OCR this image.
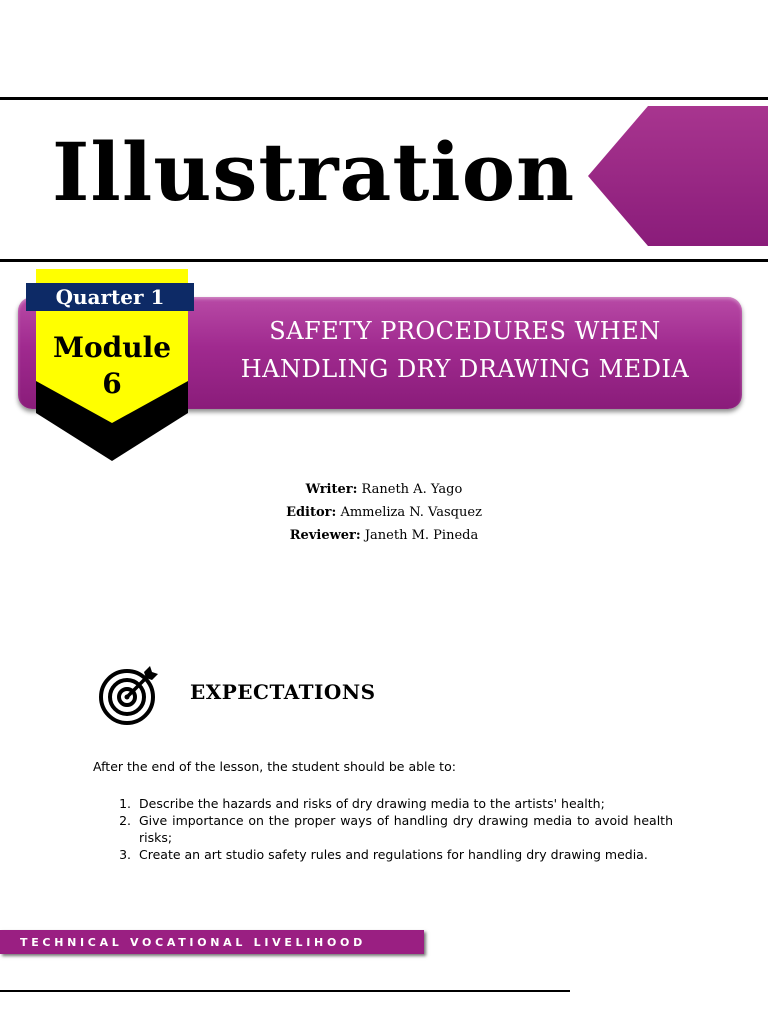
Illustration
SAFETY PROCEDURES WHEN
HANDLING DRY DRAWING MEDIA
Quarter 1
Module
6
Writer: Raneth A. Yago
Editor: Ammeliza N. Vasquez
Reviewer: Janeth M. Pineda
EXPECTATIONS

After the end of the lesson, the student should be able to:

1. Describe the hazards and risks of dry drawing media to the artists' health;
2. Give importance on the proper ways of handling dry drawing media to avoid health risks;
3. Create an art studio safety rules and regulations for handling dry drawing media.
TECHNICAL VOCATIONAL LIVELIHOOD
